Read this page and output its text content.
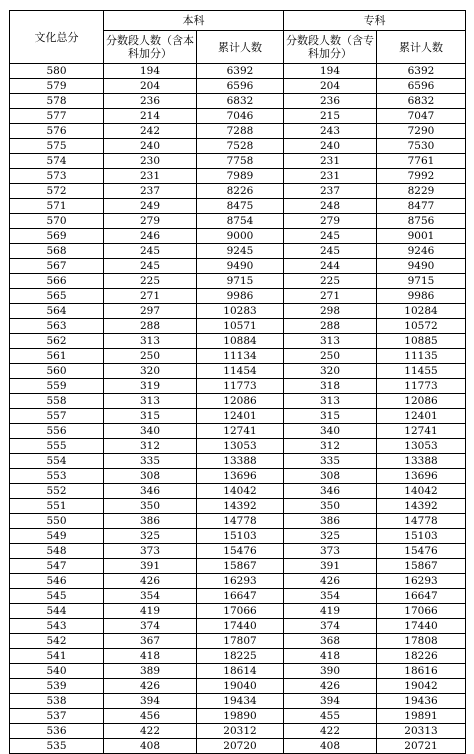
文化总分	本科		专科	
	分数段人数（含本科加分）	累计人数	分数段人数（含专科加分）	累计人数
580	194	6392	194	6392
579	204	6596	204	6596
578	236	6832	236	6832
577	214	7046	215	7047
576	242	7288	243	7290
575	240	7528	240	7530
574	230	7758	231	7761
573	231	7989	231	7992
572	237	8226	237	8229
571	249	8475	248	8477
570	279	8754	279	8756
569	246	9000	245	9001
568	245	9245	245	9246
567	245	9490	244	9490
566	225	9715	225	9715
565	271	9986	271	9986
564	297	10283	298	10284
563	288	10571	288	10572
562	313	10884	313	10885
561	250	11134	250	11135
560	320	11454	320	11455
559	319	11773	318	11773
558	313	12086	313	12086
557	315	12401	315	12401
556	340	12741	340	12741
555	312	13053	312	13053
554	335	13388	335	13388
553	308	13696	308	13696
552	346	14042	346	14042
551	350	14392	350	14392
550	386	14778	386	14778
549	325	15103	325	15103
548	373	15476	373	15476
547	391	15867	391	15867
546	426	16293	426	16293
545	354	16647	354	16647
544	419	17066	419	17066
543	374	17440	374	17440
542	367	17807	368	17808
541	418	18225	418	18226
540	389	18614	390	18616
539	426	19040	426	19042
538	394	19434	394	19436
537	456	19890	455	19891
536	422	20312	422	20313
535	408	20720	408	20721
